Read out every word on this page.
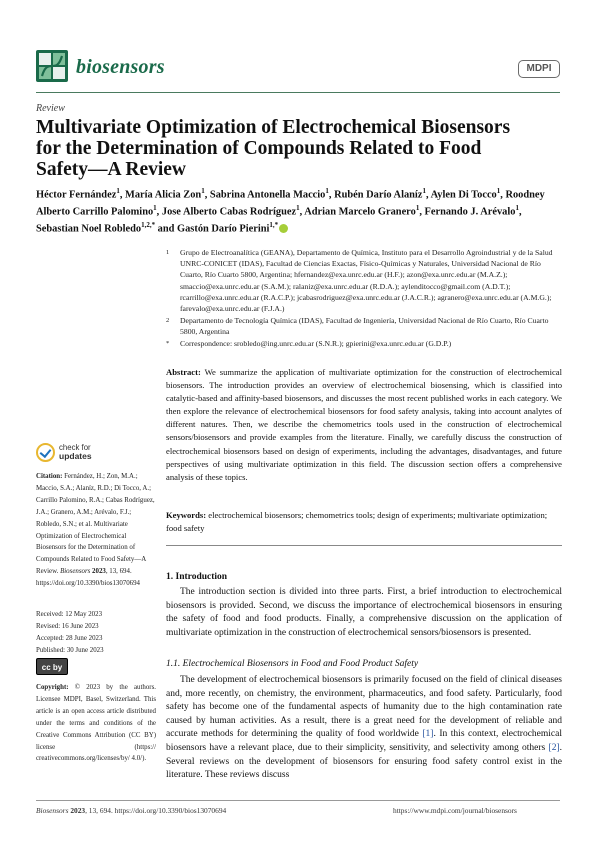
biosensors	MDPI
Review
Multivariate Optimization of Electrochemical Biosensors for the Determination of Compounds Related to Food Safety—A Review
Héctor Fernández$^1$, María Alicia Zon$^1$, Sabrina Antonella Maccio$^1$, Rubén Darío Alaníz$^1$, Aylen Di Tocco$^1$, Roodney Alberto Carrillo Palomino$^1$, Jose Alberto Cabas Rodríguez$^1$, Adrian Marcelo Granero$^1$, Fernando J. Arévalo$^1$, Sebastian Noel Robledo$^{1,2,*}$ and Gastón Darío Pierini$^{1,*}$
1	Grupo de Electroanalítica (GEANA), Departamento de Química, Instituto para el Desarrollo Agroindustrial y de la Salud UNRC-CONICET (IDAS), Facultad de Ciencias Exactas, Físico-Químicas y Naturales, Universidad Nacional de Río Cuarto, Río Cuarto 5800, Argentina; hfernandez@exa.unrc.edu.ar (H.F.); azon@exa.unrc.edu.ar (M.A.Z.); smaccio@exa.unrc.edu.ar (S.A.M.); ralaniz@exa.unrc.edu.ar (R.D.A.); aylenditocco@gmail.com (A.D.T.); rcarrillo@exa.unrc.edu.ar (R.A.C.P.); jcabasrodriguez@exa.unrc.edu.ar (J.A.C.R.); agranero@exa.unrc.edu.ar (A.M.G.); farevalo@exa.unrc.edu.ar (F.J.A.)
2	Departamento de Tecnología Química (IDAS), Facultad de Ingeniería, Universidad Nacional de Río Cuarto, Río Cuarto 5800, Argentina
*	Correspondence: srobledo@ing.unrc.edu.ar (S.N.R.); gpierini@exa.unrc.edu.ar (G.D.P.)
Abstract: We summarize the application of multivariate optimization for the construction of electrochemical biosensors. The introduction provides an overview of electrochemical biosensing, which is classified into catalytic-based and affinity-based biosensors, and discusses the most recent published works in each category. We then explore the relevance of electrochemical biosensors for food safety analysis, taking into account analytes of different natures. Then, we describe the chemometrics tools used in the construction of electrochemical sensors/biosensors and provide examples from the literature. Finally, we carefully discuss the construction of electrochemical biosensors based on design of experiments, including the advantages, disadvantages, and future perspectives of using multivariate optimization in this field. The discussion section offers a comprehensive analysis of these topics.
Keywords: electrochemical biosensors; chemometrics tools; design of experiments; multivariate optimization; food safety
check for
updates
Citation: Fernández, H.; Zon, M.A.; Maccio, S.A.; Alaníz, R.D.; Di Tocco, A.; Carrillo Palomino, R.A.; Cabas Rodríguez, J.A.; Granero, A.M.; Arévalo, F.J.; Robledo, S.N.; et al. Multivariate Optimization of Electrochemical Biosensors for the Determination of Compounds Related to Food Safety—A Review. Biosensors 2023, 13, 694. https://doi.org/10.3390/bios13070694
Received: 12 May 2023
Revised: 16 June 2023
Accepted: 28 June 2023
Published: 30 June 2023
cc by
Copyright: © 2023 by the authors. Licensee MDPI, Basel, Switzerland. This article is an open access article distributed under the terms and conditions of the Creative Commons Attribution (CC BY) license (https:// creativecommons.org/licenses/by/ 4.0/).
1. Introduction
The introduction section is divided into three parts. First, a brief introduction to electrochemical biosensors is provided. Second, we discuss the importance of electrochemical biosensors in ensuring the safety of food and food products. Finally, a comprehensive discussion on the application of multivariate optimization in the construction of electrochemical sensors/biosensors is presented.
1.1. Electrochemical Biosensors in Food and Food Product Safety
The development of electrochemical biosensors is primarily focused on the field of clinical diseases and, more recently, on chemistry, the environment, pharmaceutics, and food safety. Particularly, food safety has become one of the fundamental aspects of humanity due to the high contamination rate caused by human activities. As a result, there is a great need for the development of reliable and accurate methods for determining the quality of food worldwide [1]. In this context, electrochemical biosensors have a relevant place, due to their simplicity, sensitivity, and selectivity among others [2]. Several reviews on the development of biosensors for ensuring food safety control exist in the literature. These reviews discuss
Biosensors 2023, 13, 694. https://doi.org/10.3390/bios13070694	https://www.mdpi.com/journal/biosensors
